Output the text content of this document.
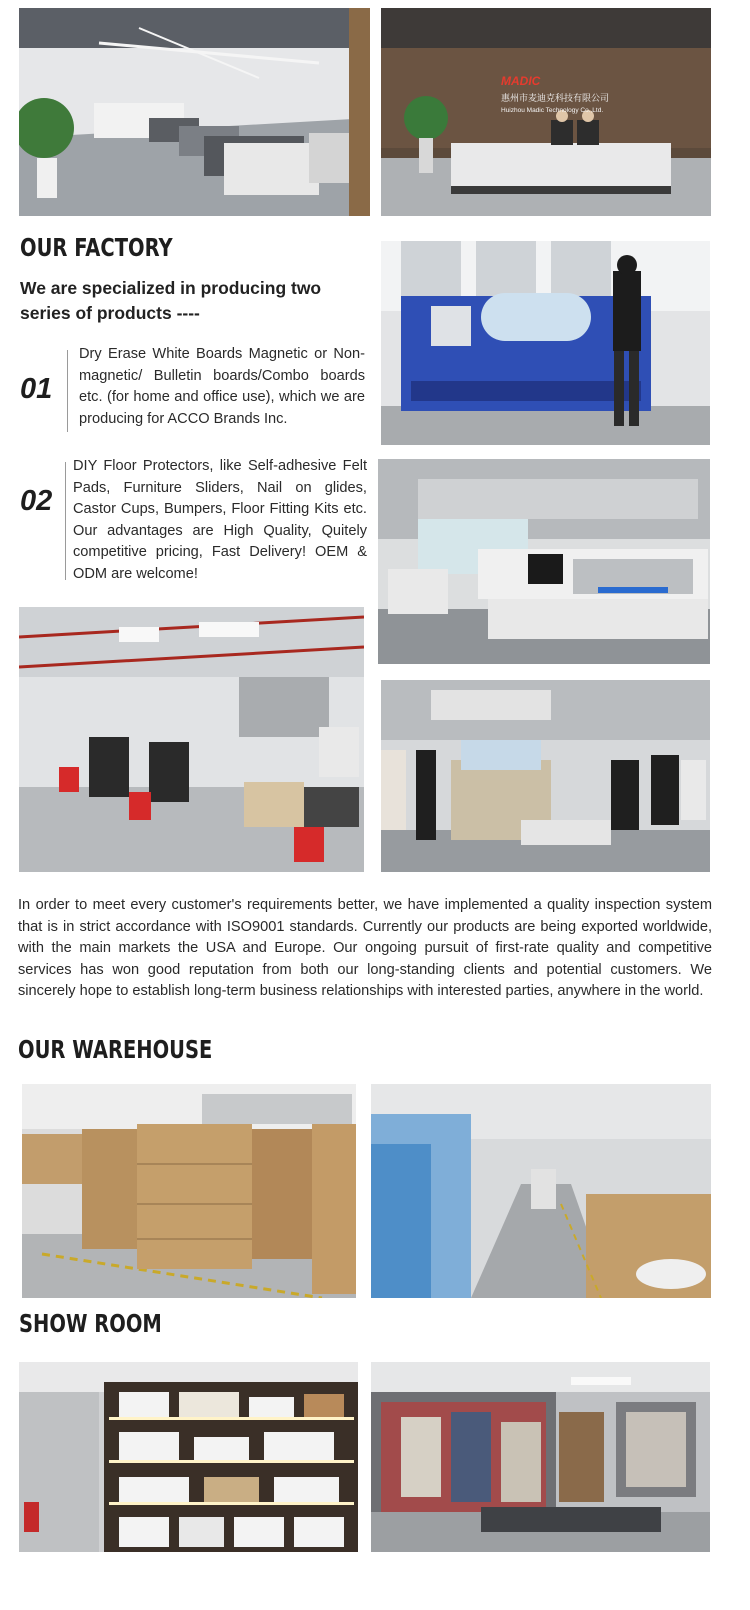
MADIC
惠州市麦迪克科技有限公司
Huizhou Madic Technology Co.,Ltd.
OUR FACTORY

We are specialized in producing two series of products ----

01

Dry Erase White Boards Magnetic or Non-magnetic/ Bulletin boards/Combo boards etc. (for home and office use), which we are producing for ACCO Brands Inc.

02

DIY Floor Protectors, like Self-adhesive Felt Pads, Furniture Sliders, Nail on glides, Castor Cups, Bumpers, Floor Fitting Kits etc. Our advantages are High Quality, Quitely competitive pricing, Fast Delivery! OEM & ODM are welcome!

In order to meet every customer's requirements better, we have implemented a quality inspection system that is in strict accordance with ISO9001 standards. Currently our products are being exported worldwide, with the main markets the USA and Europe. Our ongoing pursuit of first-rate quality and competitive services has won good reputation from both our long-standing clients and potential customers. We sincerely hope to establish long-term business relationships with interested parties, anywhere in the world.

OUR WAREHOUSE
SHOW ROOM
